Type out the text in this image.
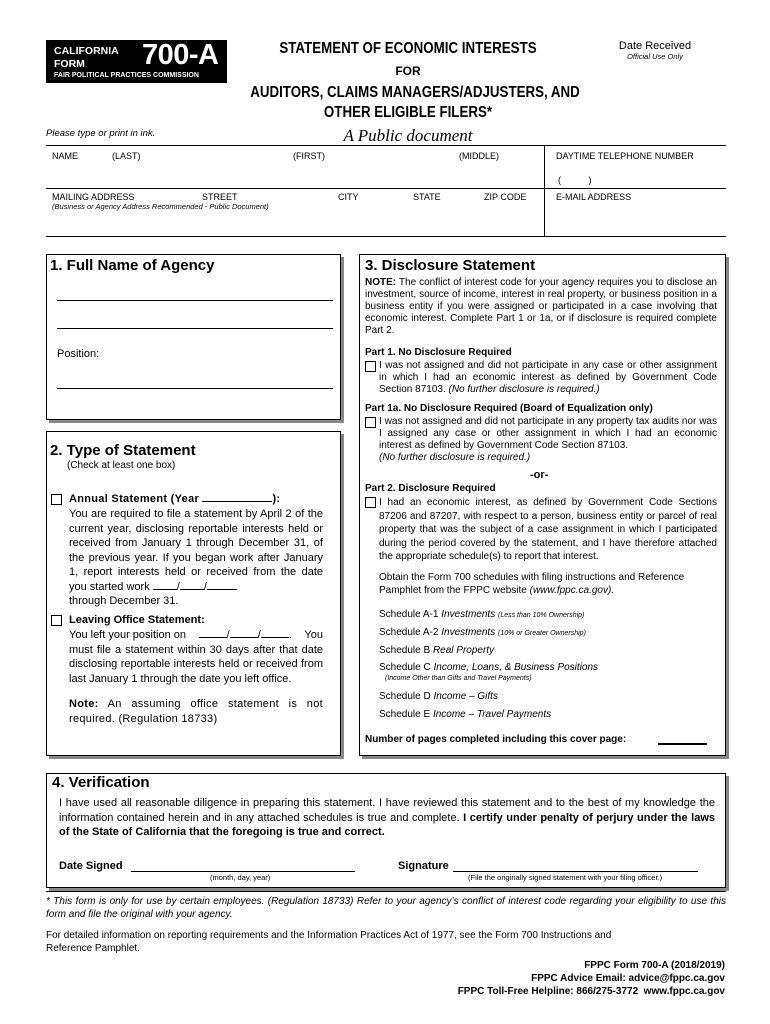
CALIFORNIA
FORM 700-A
FAIR POLITICAL PRACTICES COMMISSION
STATEMENT OF ECONOMIC INTERESTS
FOR
AUDITORS, CLAIMS MANAGERS/ADJUSTERS, AND
OTHER ELIGIBLE FILERS*
A Public document
Date Received
Official Use Only
Please type or print in ink.
NAME	(LAST)	(FIRST)	(MIDDLE)	DAYTIME TELEPHONE NUMBER
(           )
MAILING ADDRESS	STREET	CITY	STATE	ZIP CODE	E-MAIL ADDRESS
(Business or Agency Address Recommended - Public Document)
1. Full Name of Agency
Position:
2. Type of Statement
(Check at least one box)
Annual Statement (Year	):
You are required to file a statement by April 2 of the current year, disclosing reportable interests held or received from January 1 through December 31, of the previous year. If you began work after January 1, report interests held or received from the date you started work / /
through December 31.
Leaving Office Statement:
You left your position on	/	/	. You
must file a statement within 30 days after that date disclosing reportable interests held or received from last January 1 through the date you left office.
Note: An assuming office statement is not required. (Regulation 18733)
3. Disclosure Statement
NOTE: The conflict of interest code for your agency requires you to disclose an investment, source of income, interest in real property, or business position in a business entity if you were assigned or participated in a case involving that economic interest. Complete Part 1 or 1a, or if disclosure is required complete Part 2.
Part 1. No Disclosure Required
I was not assigned and did not participate in any case or other assignment in which I had an economic interest as defined by Government Code Section 87103. (No further disclosure is required.)
Part 1a. No Disclosure Required (Board of Equalization only)
I was not assigned and did not participate in any property tax audits nor was I assigned any case or other assignment in which I had an economic interest as defined by Government Code Section 87103.
(No further disclosure is required.)
-or-
Part 2. Disclosure Required
I had an economic interest, as defined by Government Code Sections 87206 and 87207, with respect to a person, business entity or parcel of real property that was the subject of a case assignment in which I participated during the period covered by the statement, and I have therefore attached the appropriate schedule(s) to report that interest.
Obtain the Form 700 schedules with filing instructions and Reference Pamphlet from the FPPC website (www.fppc.ca.gov).
Schedule A-1 Investments (Less than 10% Ownership)
Schedule A-2 Investments (10% or Greater Ownership)
Schedule B Real Property
Schedule C Income, Loans, & Business Positions
(Income Other than Gifts and Travel Payments)
Schedule D Income – Gifts
Schedule E Income – Travel Payments
Number of pages completed including this cover page:
4. Verification
I have used all reasonable diligence in preparing this statement. I have reviewed this statement and to the best of my knowledge the information contained herein and in any attached schedules is true and complete. I certify under penalty of perjury under the laws of the State of California that the foregoing is true and correct.
Date Signed
(month, day, year)
Signature
(File the originally signed statement with your filing officer.)
* This form is only for use by certain employees. (Regulation 18733) Refer to your agency’s conflict of interest code regarding your eligibility to use this form and file the original with your agency.
For detailed information on reporting requirements and the Information Practices Act of 1977, see the Form 700 Instructions and Reference Pamphlet.
FPPC Form 700-A (2018/2019)
FPPC Advice Email: advice@fppc.ca.gov
FPPC Toll-Free Helpline: 866/275-3772  www.fppc.ca.gov
